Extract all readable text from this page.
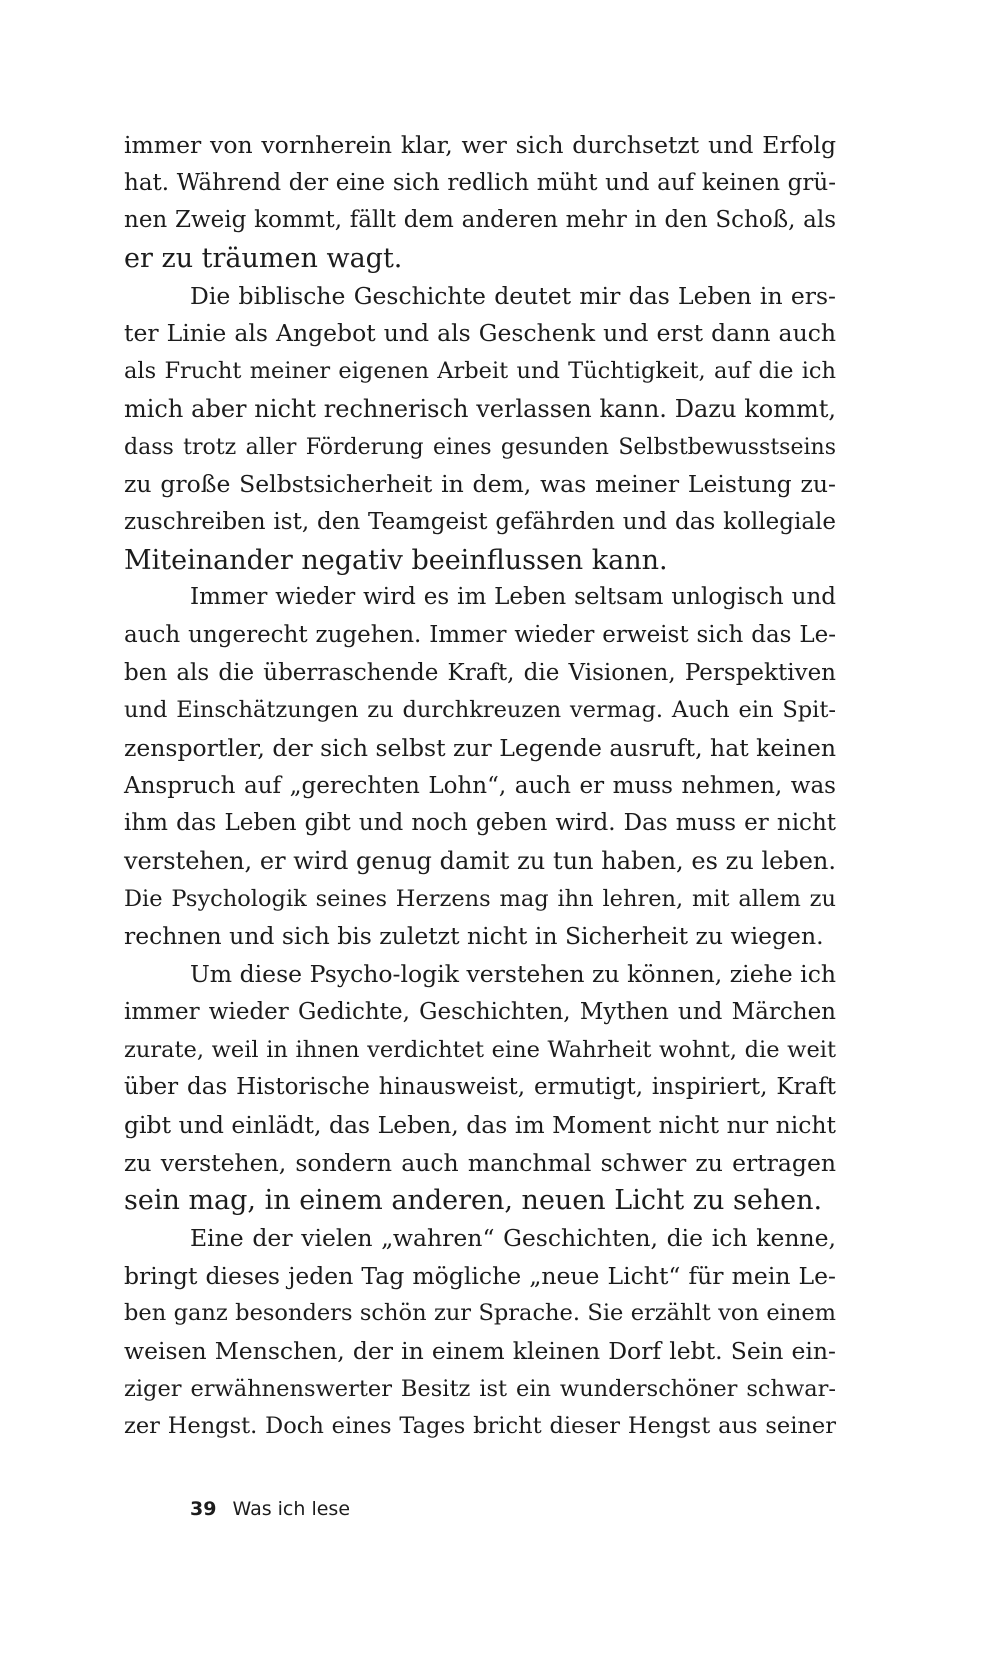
immer von vornherein klar, wer sich durchsetzt und Erfolg
hat. Während der eine sich redlich müht und auf keinen grü-
nen Zweig kommt, fällt dem anderen mehr in den Schoß, als
er zu träumen wagt.
Die biblische Geschichte deutet mir das Leben in ers-
ter Linie als Angebot und als Geschenk und erst dann auch
als Frucht meiner eigenen Arbeit und Tüchtigkeit, auf die ich
mich aber nicht rechnerisch verlassen kann. Dazu kommt,
dass trotz aller Förderung eines gesunden Selbstbewusstseins
zu große Selbstsicherheit in dem, was meiner Leistung zu-
zuschreiben ist, den Teamgeist gefährden und das kollegiale
Miteinander negativ beeinflussen kann.
Immer wieder wird es im Leben seltsam unlogisch und
auch ungerecht zugehen. Immer wieder erweist sich das Le-
ben als die überraschende Kraft, die Visionen, Perspektiven
und Einschätzungen zu durchkreuzen vermag. Auch ein Spit-
zensportler, der sich selbst zur Legende ausruft, hat keinen
Anspruch auf „gerechten Lohn“, auch er muss nehmen, was
ihm das Leben gibt und noch geben wird. Das muss er nicht
verstehen, er wird genug damit zu tun haben, es zu leben.
Die Psychologik seines Herzens mag ihn lehren, mit allem zu
rechnen und sich bis zuletzt nicht in Sicherheit zu wiegen.
Um diese Psycho-logik verstehen zu können, ziehe ich
immer wieder Gedichte, Geschichten, Mythen und Märchen
zurate, weil in ihnen verdichtet eine Wahrheit wohnt, die weit
über das Historische hinausweist, ermutigt, inspiriert, Kraft
gibt und einlädt, das Leben, das im Moment nicht nur nicht
zu verstehen, sondern auch manchmal schwer zu ertragen
sein mag, in einem anderen, neuen Licht zu sehen.
Eine der vielen „wahren“ Geschichten, die ich kenne,
bringt dieses jeden Tag mögliche „neue Licht“ für mein Le-
ben ganz besonders schön zur Sprache. Sie erzählt von einem
weisen Menschen, der in einem kleinen Dorf lebt. Sein ein-
ziger erwähnenswerter Besitz ist ein wunderschöner schwar-
zer Hengst. Doch eines Tages bricht dieser Hengst aus seiner
39 Was ich lese
